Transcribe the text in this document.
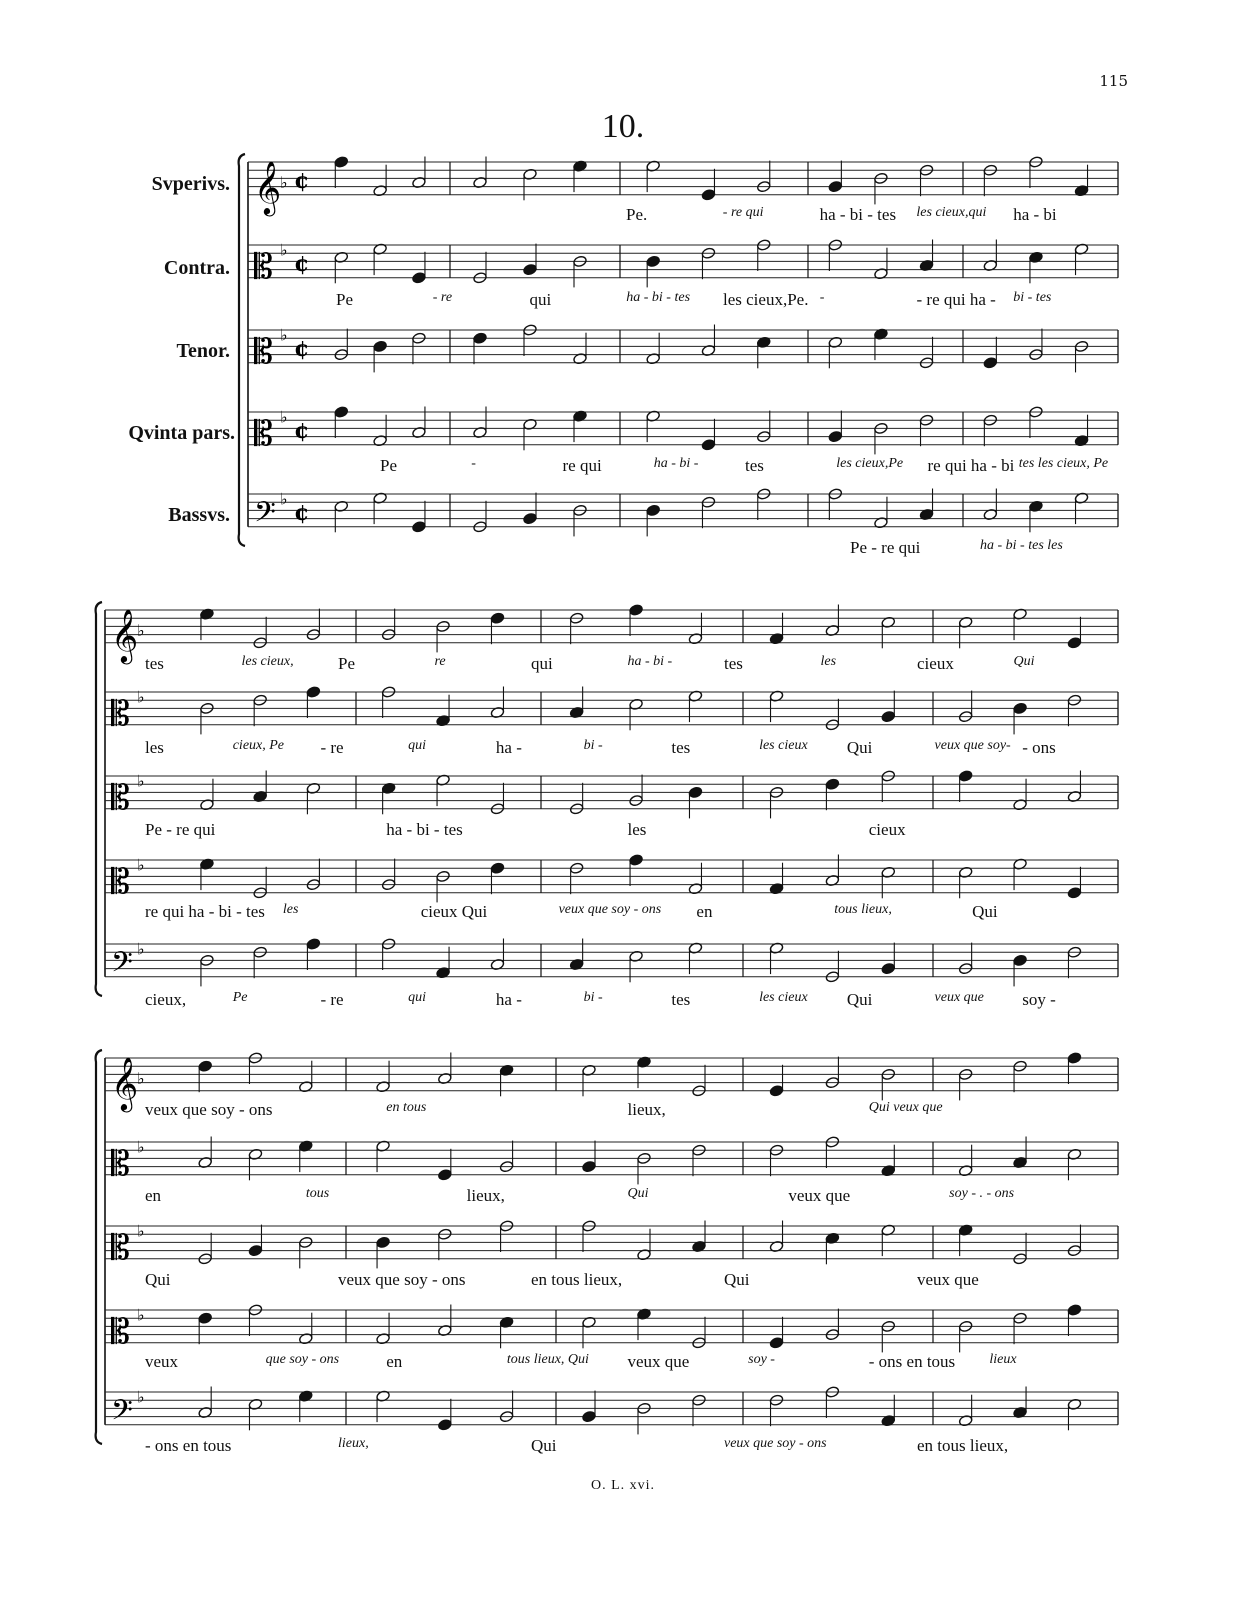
115
10.
Svperivs.
Contra.
Tenor.
Qvinta pars.
Bassvs.
𝄞
♭ ¢
𝄡 ♭
¢
𝄡 ♭
¢
𝄡 ♭
¢
𝄢 ♭
¢
𝄞
♭
𝄡 ♭
𝄡 ♭
𝄡 ♭
𝄢 ♭
𝄞
♭
𝄡 ♭
𝄡 ♭
𝄡 ♭
𝄢 ♭
Pe.	- re qui	ha - bi - tes les cieux,qui ha - bi
Pe	- re	qui	ha - bi - tes les cieux,Pe. -	- re qui ha - bi - tes
Pe	-	re qui	ha - bi -	tes	les cieux,Pe re qui ha - bi tes les cieux, Pe
Pe - re qui	ha - bi - tes les
tes	les cieux,	Pe	re	qui	ha - bi -	tes	les	cieux	Qui
les	cieux, Pe - re	qui	ha -	bi -	tes	les cieux Qui	veux que soy- - ons
Pe - re qui	ha - bi - tes	les	cieux
re qui ha - bi - tes les	cieux Qui	veux que soy - ons en	tous lieux,	Qui
cieux,	Pe	- re	qui	ha -	bi -	tes	les cieux Qui	veux que soy -
veux que soy - ons	en tous	lieux,	Qui veux que
en	tous	lieux,	Qui	veux que	soy - . - ons
Qui	veux que soy - ons	en tous lieux,	Qui	veux que
veux	que soy - ons	en	tous lieux, Qui veux que	soy -	- ons en tous lieux
- ons en tous	lieux,	Qui	veux que soy - ons	en tous lieux,
O. L. xvi.
